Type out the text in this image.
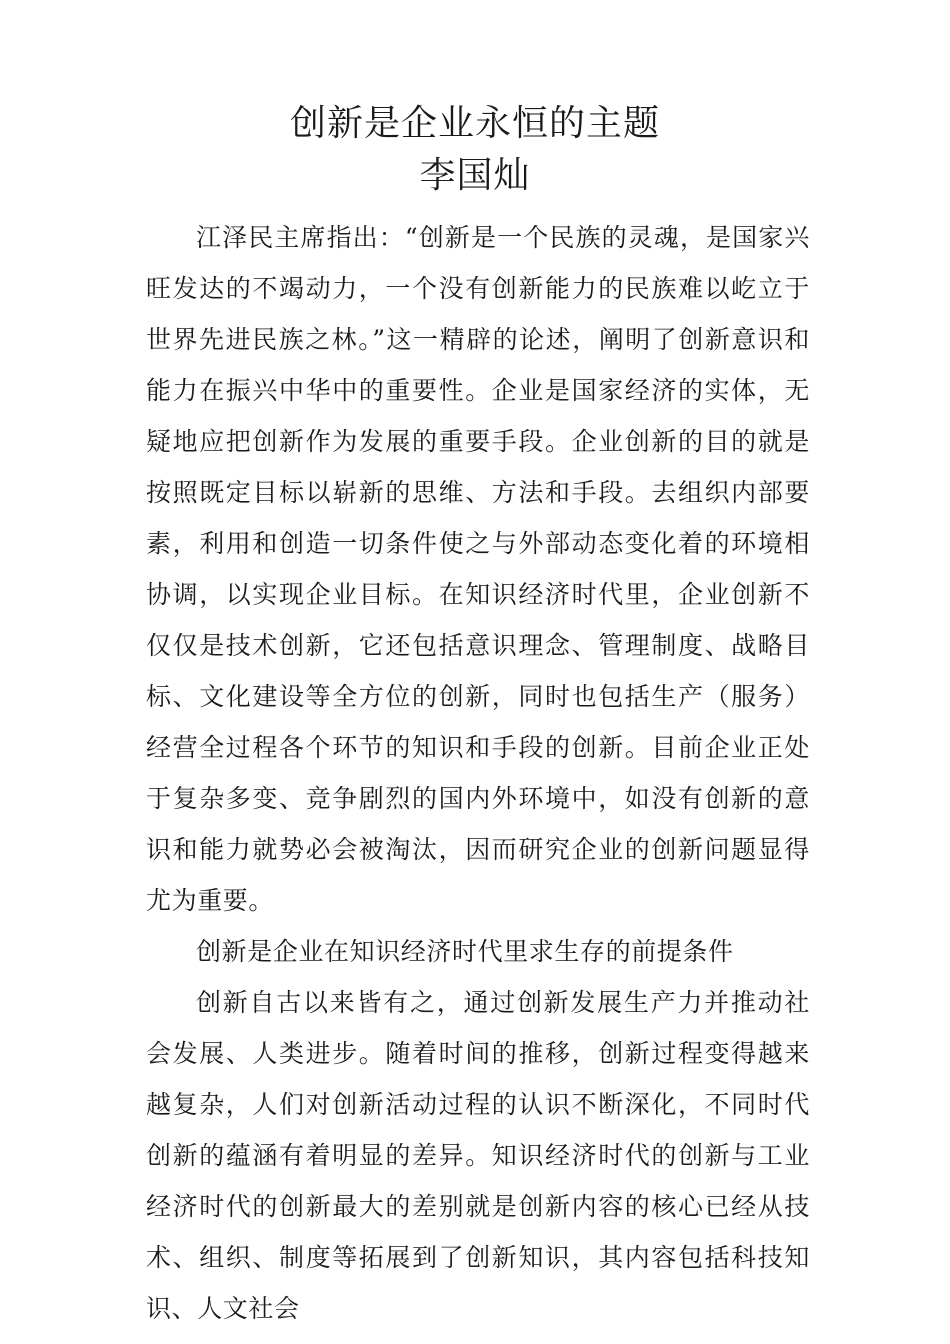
创新是企业永恒的主题
李国灿

江泽民主席指出：“创新是一个民族的灵魂，是国家兴旺发达的不竭动力，一个没有创新能力的民族难以屹立于世界先进民族之林。”这一精辟的论述，阐明了创新意识和能力在振兴中华中的重要性。企业是国家经济的实体，无疑地应把创新作为发展的重要手段。企业创新的目的就是按照既定目标以崭新的思维、方法和手段。去组织内部要素，利用和创造一切条件使之与外部动态变化着的环境相协调，以实现企业目标。在知识经济时代里，企业创新不仅仅是技术创新，它还包括意识理念、管理制度、战略目标、文化建设等全方位的创新，同时也包括生产（服务）经营全过程各个环节的知识和手段的创新。目前企业正处于复杂多变、竞争剧烈的国内外环境中，如没有创新的意识和能力就势必会被淘汰，因而研究企业的创新问题显得尤为重要。

创新是企业在知识经济时代里求生存的前提条件

创新自古以来皆有之，通过创新发展生产力并推动社会发展、人类进步。随着时间的推移，创新过程变得越来越复杂，人们对创新活动过程的认识不断深化，不同时代创新的蕴涵有着明显的差异。知识经济时代的创新与工业经济时代的创新最大的差别就是创新内容的核心已经从技术、组织、制度等拓展到了创新知识，其内容包括科技知识、人文社会
